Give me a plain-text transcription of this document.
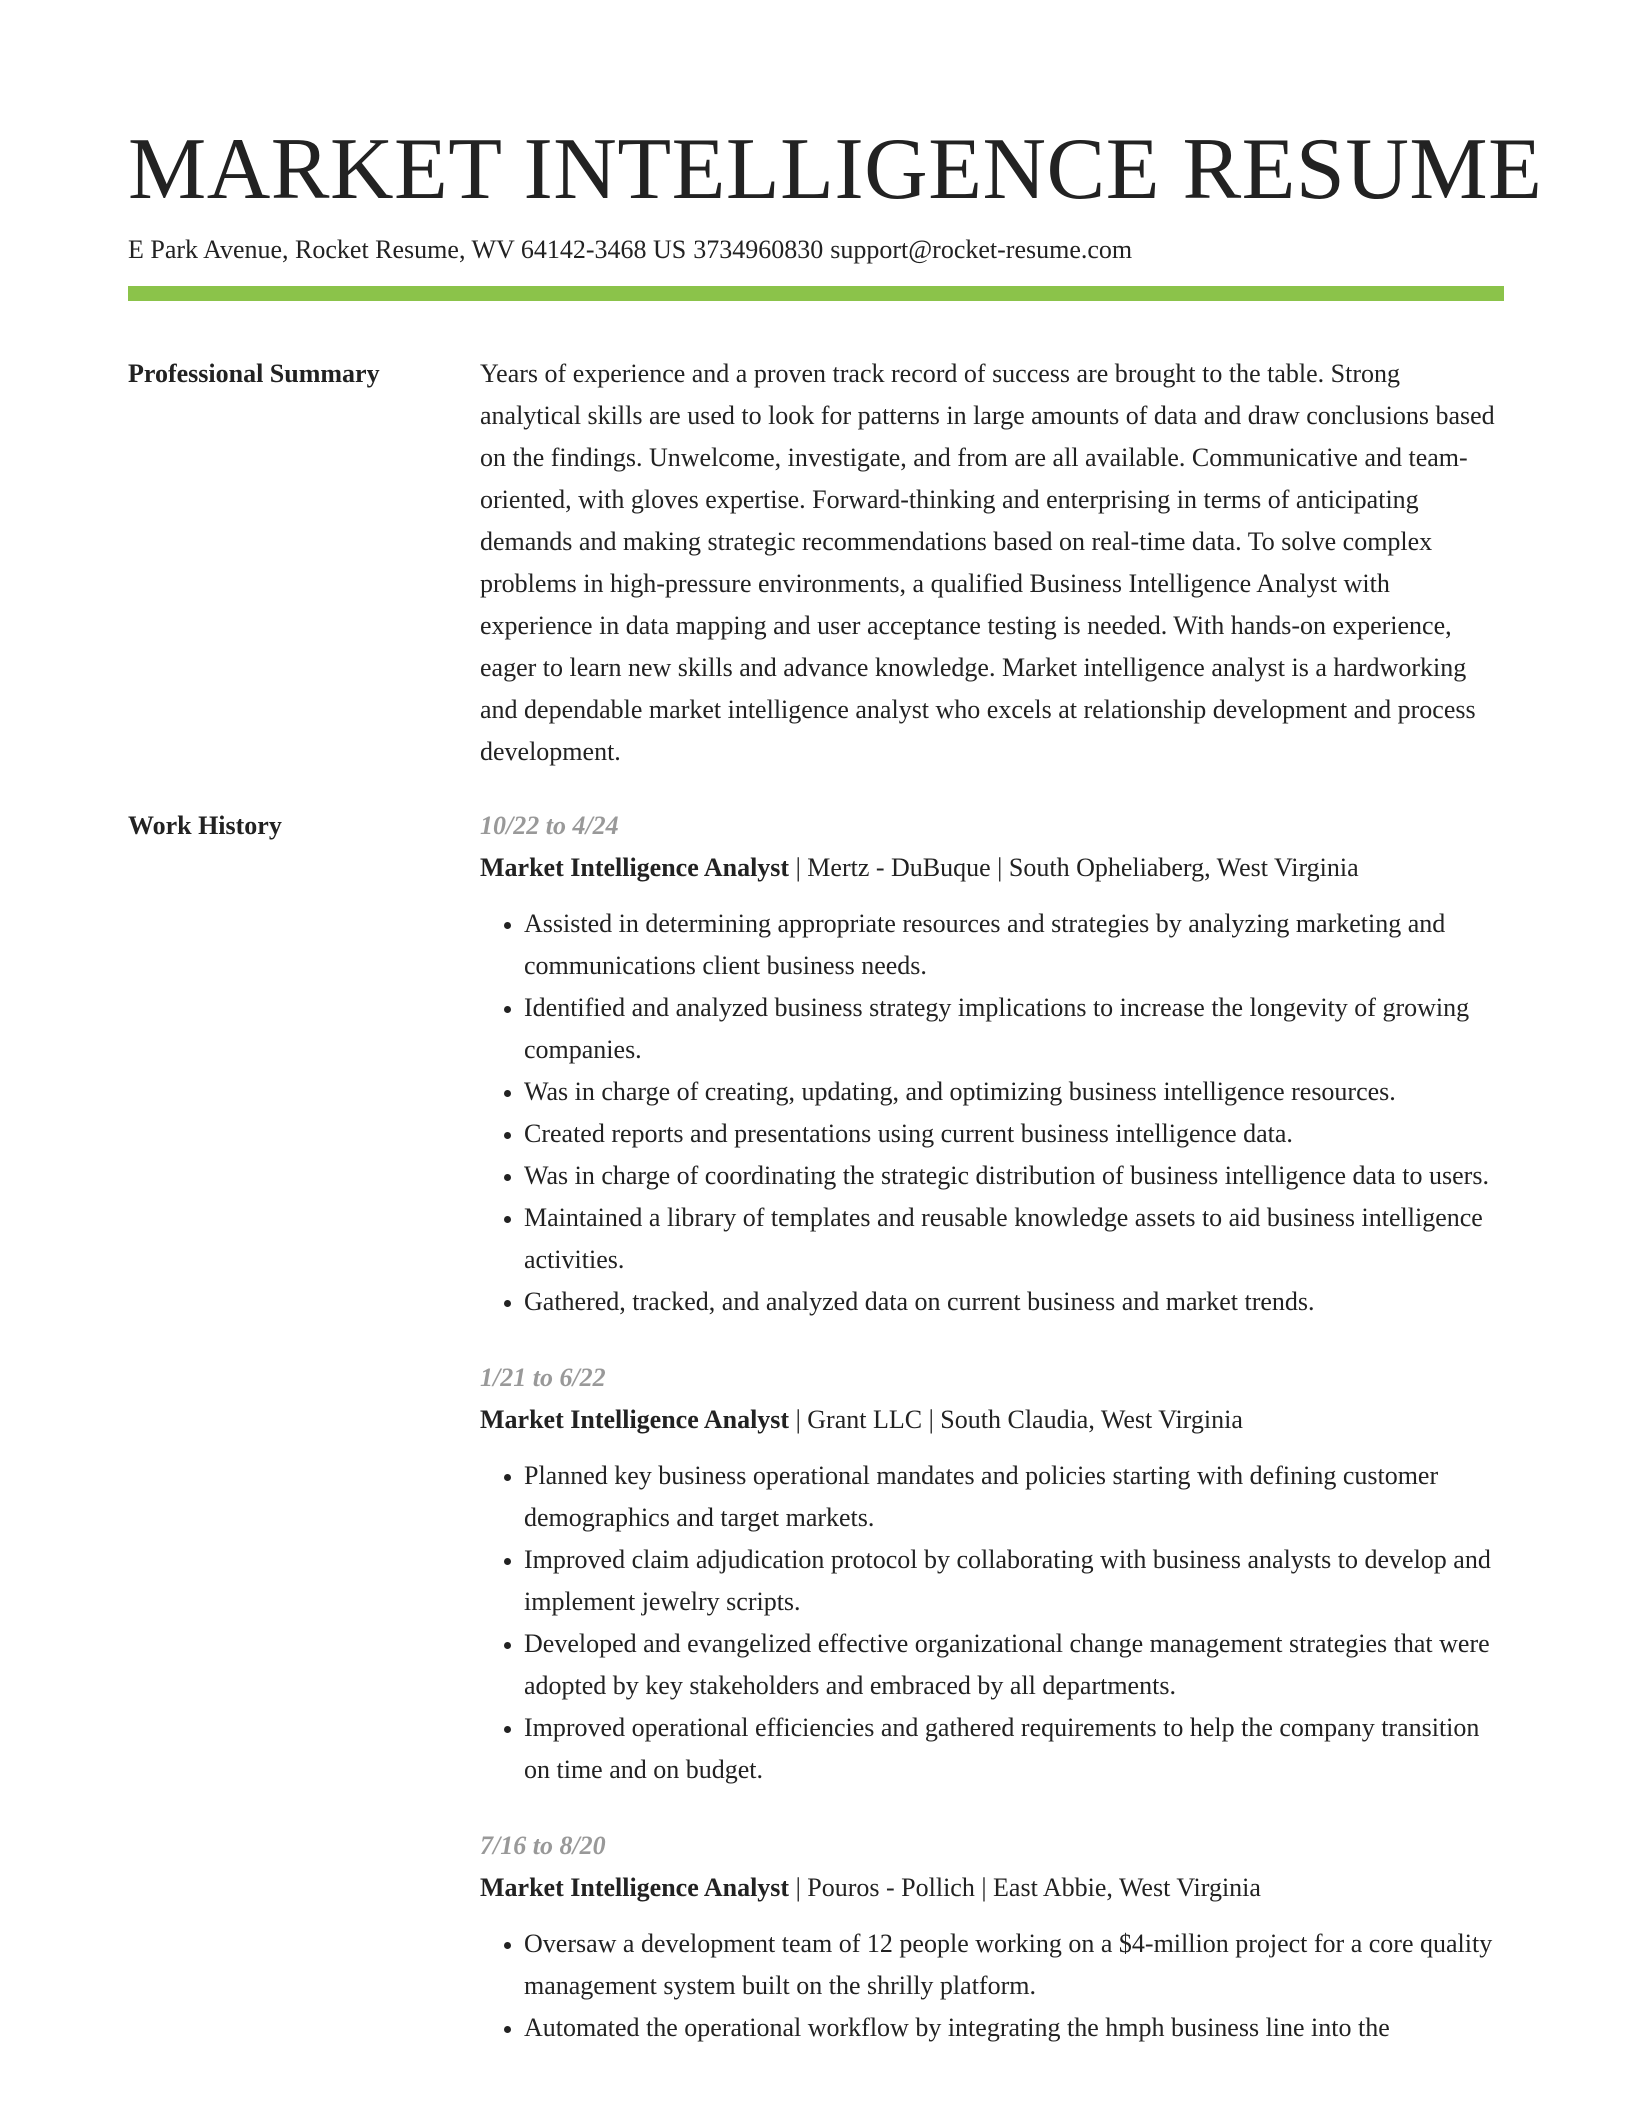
MARKET INTELLIGENCE RESUME
E Park Avenue, Rocket Resume, WV 64142-3468 US 3734960830 support@rocket-resume.com
Professional Summary	Years of experience and a proven track record of success are brought to the table. Strong analytical skills are used to look for patterns in large amounts of data and draw conclusions based on the findings. Unwelcome, investigate, and from are all available. Communicative and team-oriented, with gloves expertise. Forward-thinking and enterprising in terms of anticipating demands and making strategic recommendations based on real-time data. To solve complex problems in high-pressure environments, a qualified Business Intelligence Analyst with experience in data mapping and user acceptance testing is needed. With hands-on experience, eager to learn new skills and advance knowledge. Market intelligence analyst is a hardworking and dependable market intelligence analyst who excels at relationship development and process development.

Work History	10/22 to 4/24
Market Intelligence Analyst | Mertz - DuBuque | South Opheliaberg, West Virginia
• Assisted in determining appropriate resources and strategies by analyzing marketing and communications client business needs.
• Identified and analyzed business strategy implications to increase the longevity of growing companies.
• Was in charge of creating, updating, and optimizing business intelligence resources.
• Created reports and presentations using current business intelligence data.
• Was in charge of coordinating the strategic distribution of business intelligence data to users.
• Maintained a library of templates and reusable knowledge assets to aid business intelligence activities.
• Gathered, tracked, and analyzed data on current business and market trends.
1/21 to 6/22
Market Intelligence Analyst | Grant LLC | South Claudia, West Virginia
• Planned key business operational mandates and policies starting with defining customer demographics and target markets.
• Improved claim adjudication protocol by collaborating with business analysts to develop and implement jewelry scripts.
• Developed and evangelized effective organizational change management strategies that were adopted by key stakeholders and embraced by all departments.
• Improved operational efficiencies and gathered requirements to help the company transition on time and on budget.
7/16 to 8/20
Market Intelligence Analyst | Pouros - Pollich | East Abbie, West Virginia
• Oversaw a development team of 12 people working on a $4-million project for a core quality management system built on the shrilly platform.
• Automated the operational workflow by integrating the hmph business line into the
